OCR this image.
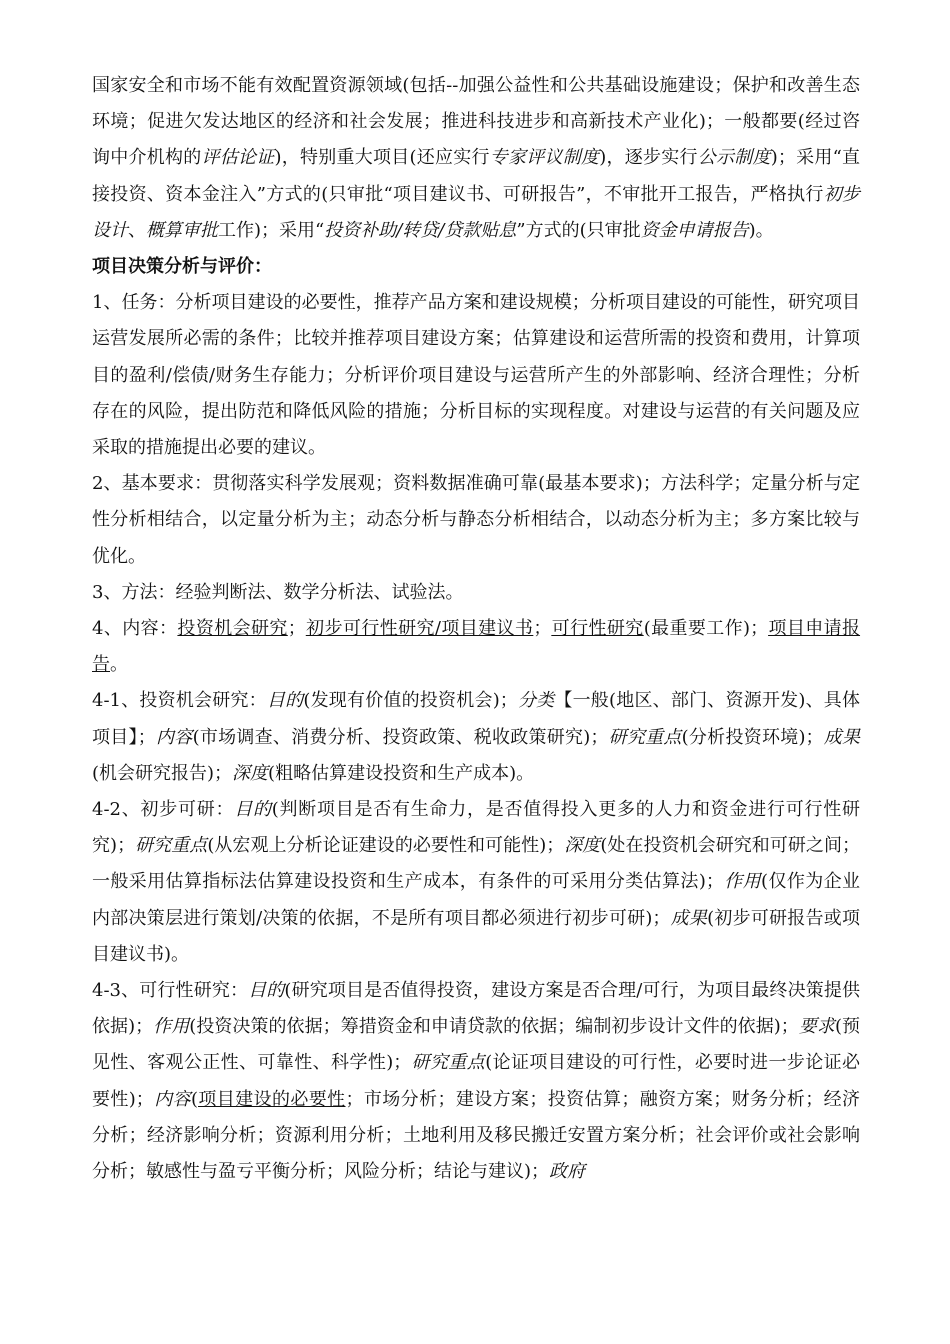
国家安全和市场不能有效配置资源领域(包括--加强公益性和公共基础设施建设；保护和改善生态环境；促进欠发达地区的经济和社会发展；推进科技进步和高新技术产业化)；一般都要(经过咨询中介机构的评估论证)，特别重大项目(还应实行专家评议制度)，逐步实行公示制度)；采用“直接投资、资本金注入”方式的(只审批“项目建议书、可研报告”，不审批开工报告，严格执行初步设计、概算审批工作)；采用“投资补助/转贷/贷款贴息”方式的(只审批资金申请报告)。

项目决策分析与评价：

1、任务：分析项目建设的必要性，推荐产品方案和建设规模；分析项目建设的可能性，研究项目运营发展所必需的条件；比较并推荐项目建设方案；估算建设和运营所需的投资和费用，计算项目的盈利/偿债/财务生存能力；分析评价项目建设与运营所产生的外部影响、经济合理性；分析存在的风险，提出防范和降低风险的措施；分析目标的实现程度。对建设与运营的有关问题及应采取的措施提出必要的建议。

2、基本要求：贯彻落实科学发展观；资料数据准确可靠(最基本要求)；方法科学；定量分析与定性分析相结合，以定量分析为主；动态分析与静态分析相结合，以动态分析为主；多方案比较与优化。

3、方法：经验判断法、数学分析法、试验法。

4、内容：投资机会研究；初步可行性研究/项目建议书；可行性研究(最重要工作)；项目申请报告。

4-1、投资机会研究：目的(发现有价值的投资机会)；分类【一般(地区、部门、资源开发)、具体项目】；内容(市场调查、消费分析、投资政策、税收政策研究)；研究重点(分析投资环境)；成果(机会研究报告)；深度(粗略估算建设投资和生产成本)。

4-2、初步可研：目的(判断项目是否有生命力，是否值得投入更多的人力和资金进行可行性研究)；研究重点(从宏观上分析论证建设的必要性和可能性)；深度(处在投资机会研究和可研之间；一般采用估算指标法估算建设投资和生产成本，有条件的可采用分类估算法)；作用(仅作为企业内部决策层进行策划/决策的依据，不是所有项目都必须进行初步可研)；成果(初步可研报告或项目建议书)。

4-3、可行性研究：目的(研究项目是否值得投资，建设方案是否合理/可行，为项目最终决策提供依据)；作用(投资决策的依据；筹措资金和申请贷款的依据；编制初步设计文件的依据)；要求(预见性、客观公正性、可靠性、科学性)；研究重点(论证项目建设的可行性，必要时进一步论证必要性)；内容(项目建设的必要性；市场分析；建设方案；投资估算；融资方案；财务分析；经济分析；经济影响分析；资源利用分析；土地利用及移民搬迁安置方案分析；社会评价或社会影响分析；敏感性与盈亏平衡分析；风险分析；结论与建议)；政府
